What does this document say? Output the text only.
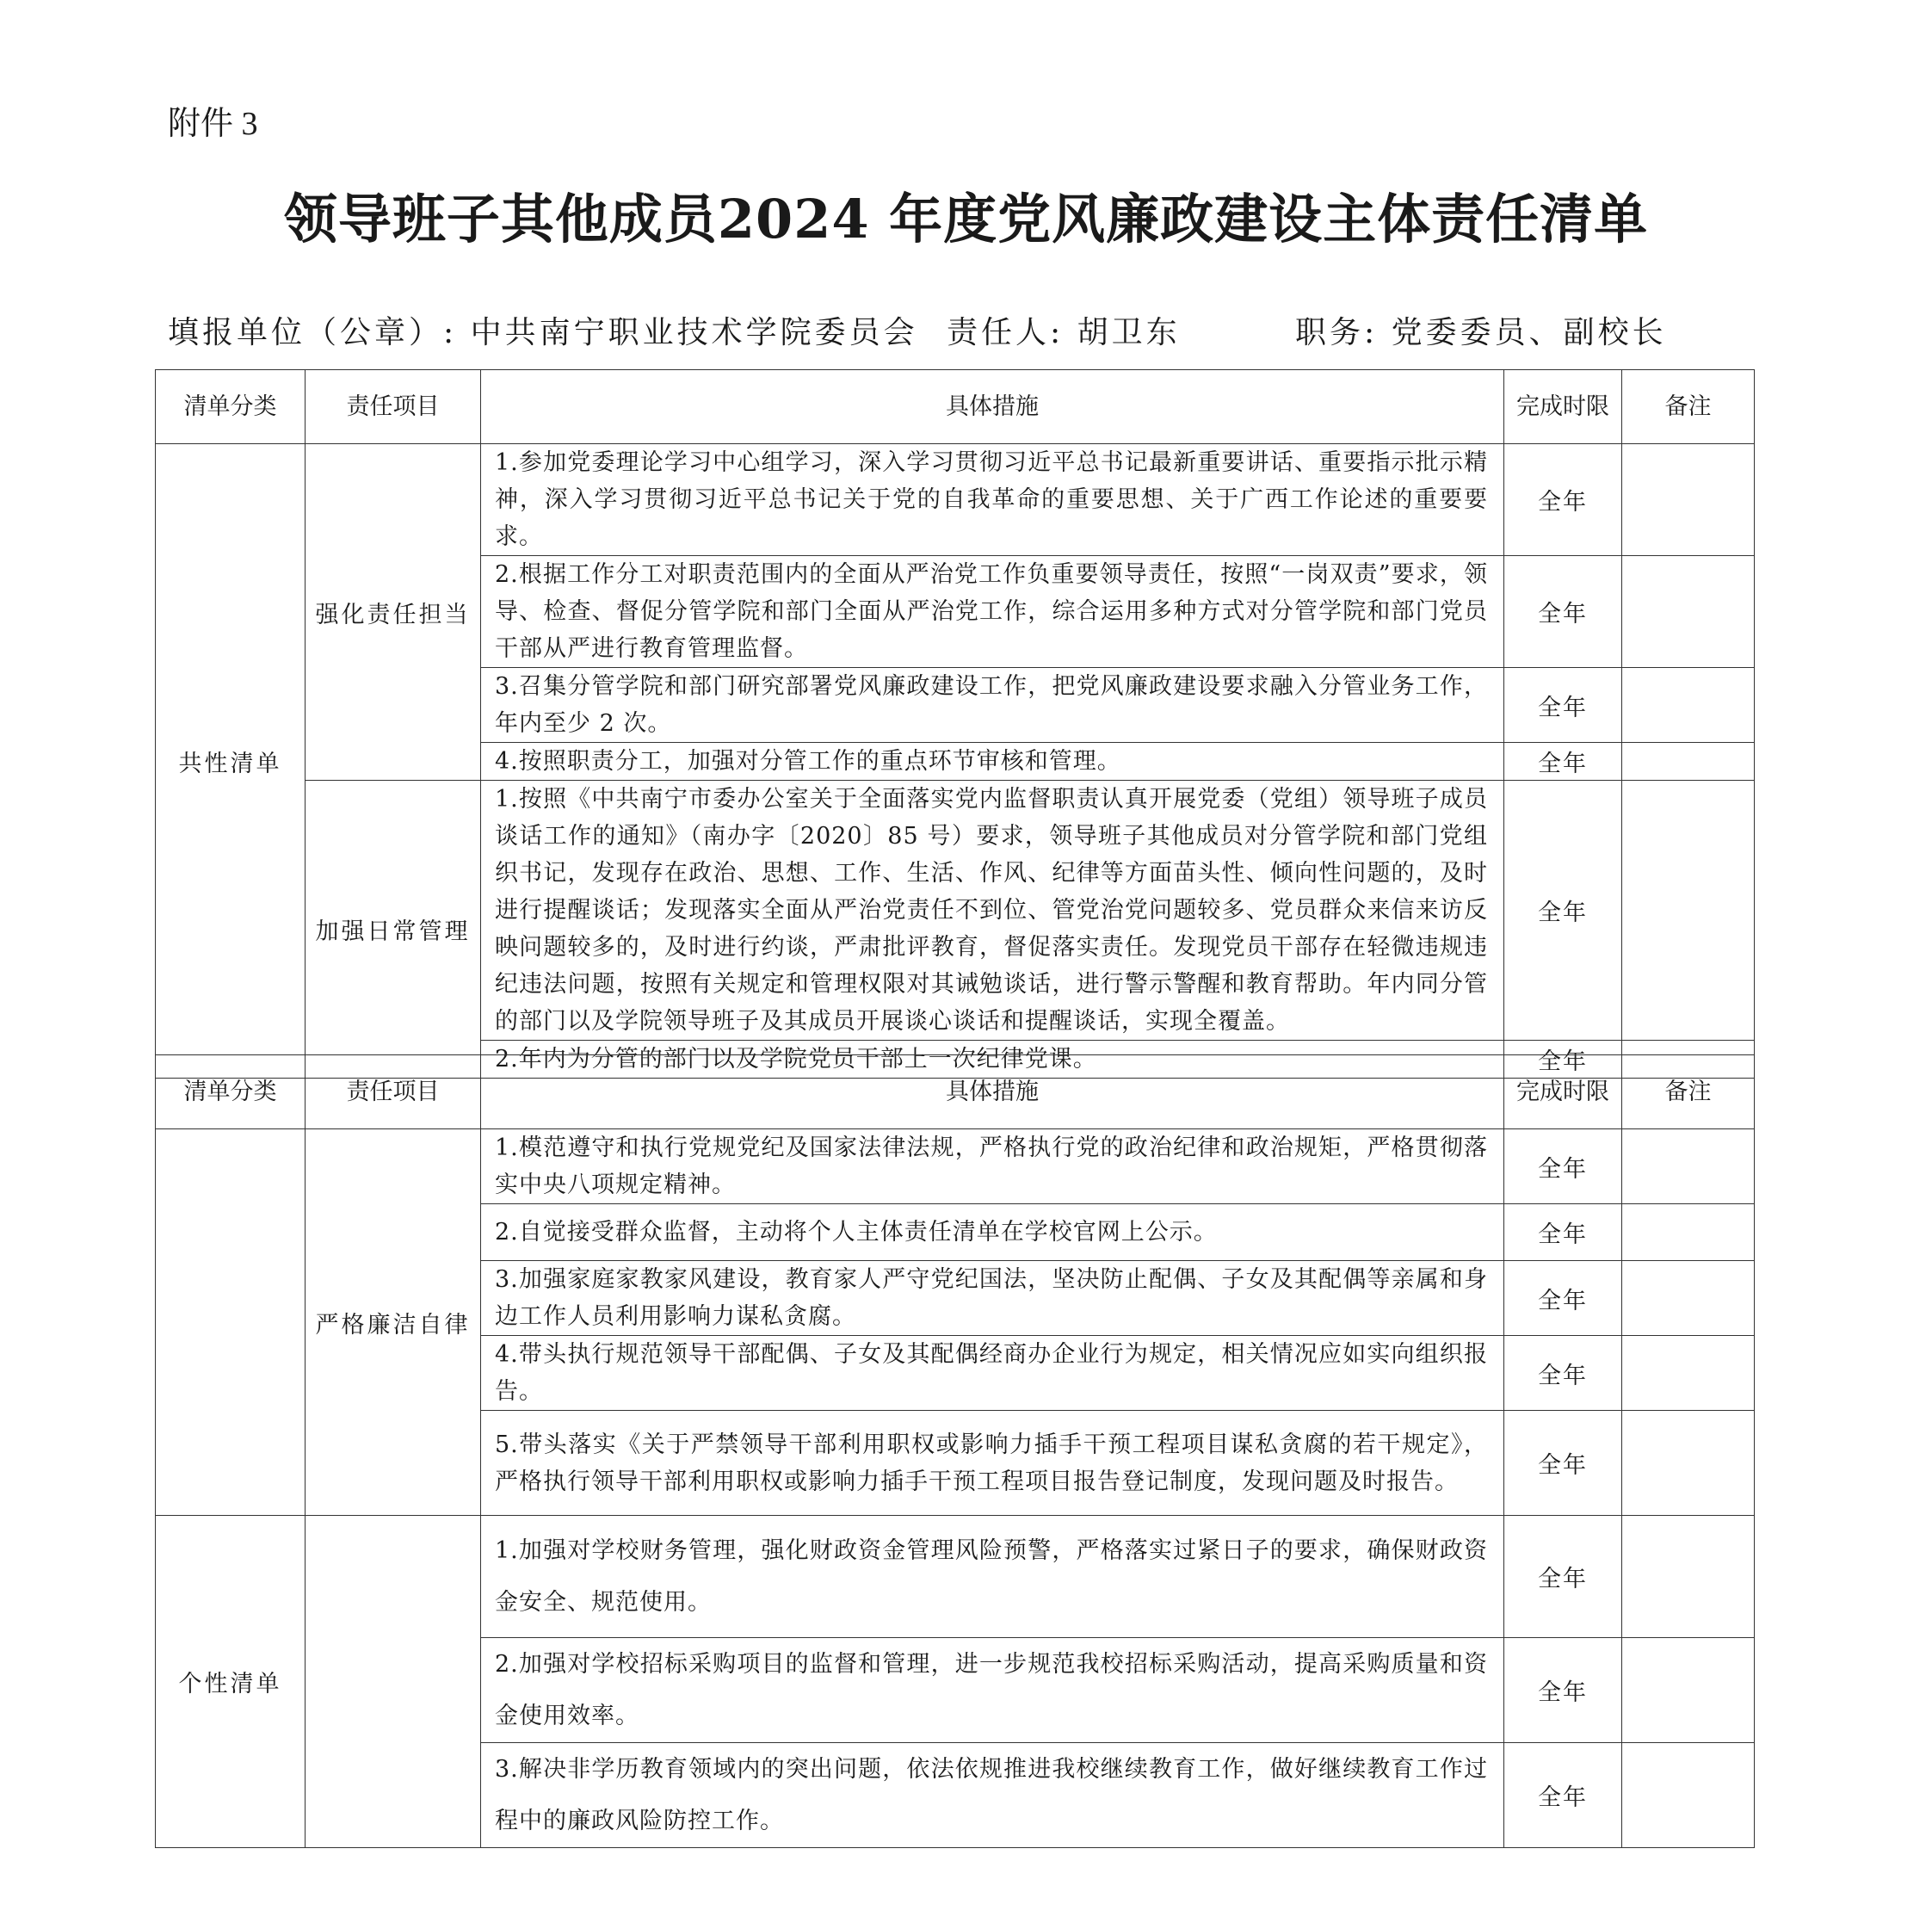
附件 3
领导班子其他成员2024 年度党风廉政建设主体责任清单
填报单位（公章）: 中共南宁职业技术学院委员会 责任人: 胡卫东	职务: 党委委员、副校长
清单分类	责任项目	具体措施	完成时限	备注
共性清单	强化责任担当	1.参加党委理论学习中心组学习，深入学习贯彻习近平总书记最新重要讲话、重要指示批示精神，深入学习贯彻习近平总书记关于党的自我革命的重要思想、关于广西工作论述的重要要求。	全年	
		2.根据工作分工对职责范围内的全面从严治党工作负重要领导责任，按照“一岗双责”要求，领导、检查、督促分管学院和部门全面从严治党工作，综合运用多种方式对分管学院和部门党员干部从严进行教育管理监督。	全年	
		3.召集分管学院和部门研究部署党风廉政建设工作，把党风廉政建设要求融入分管业务工作，年内至少 2 次。	全年	
		4.按照职责分工，加强对分管工作的重点环节审核和管理。	全年	
	加强日常管理	1.按照《中共南宁市委办公室关于全面落实党内监督职责认真开展党委（党组）领导班子成员谈话工作的通知》（南办字〔2020〕85 号）要求，领导班子其他成员对分管学院和部门党组织书记，发现存在政治、思想、工作、生活、作风、纪律等方面苗头性、倾向性问题的，及时进行提醒谈话；发现落实全面从严治党责任不到位、管党治党问题较多、党员群众来信来访反映问题较多的，及时进行约谈，严肃批评教育，督促落实责任。发现党员干部存在轻微违规违纪违法问题，按照有关规定和管理权限对其诫勉谈话，进行警示警醒和教育帮助。年内同分管的部门以及学院领导班子及其成员开展谈心谈话和提醒谈话，实现全覆盖。	全年	
		2.年内为分管的部门以及学院党员干部上一次纪律党课。	全年	
清单分类	责任项目	具体措施	完成时限	备注
	严格廉洁自律	1.模范遵守和执行党规党纪及国家法律法规，严格执行党的政治纪律和政治规矩，严格贯彻落实中央八项规定精神。	全年	
		2.自觉接受群众监督，主动将个人主体责任清单在学校官网上公示。	全年	
		3.加强家庭家教家风建设，教育家人严守党纪国法，坚决防止配偶、子女及其配偶等亲属和身边工作人员利用影响力谋私贪腐。	全年	
		4.带头执行规范领导干部配偶、子女及其配偶经商办企业行为规定，相关情况应如实向组织报告。	全年	
		5.带头落实《关于严禁领导干部利用职权或影响力插手干预工程项目谋私贪腐的若干规定》，严格执行领导干部利用职权或影响力插手干预工程项目报告登记制度，发现问题及时报告。	全年	
个性清单		1.加强对学校财务管理，强化财政资金管理风险预警，严格落实过紧日子的要求，确保财政资金安全、规范使用。	全年	
		2.加强对学校招标采购项目的监督和管理，进一步规范我校招标采购活动，提高采购质量和资金使用效率。	全年	
		3.解决非学历教育领域内的突出问题，依法依规推进我校继续教育工作，做好继续教育工作过程中的廉政风险防控工作。	全年	
